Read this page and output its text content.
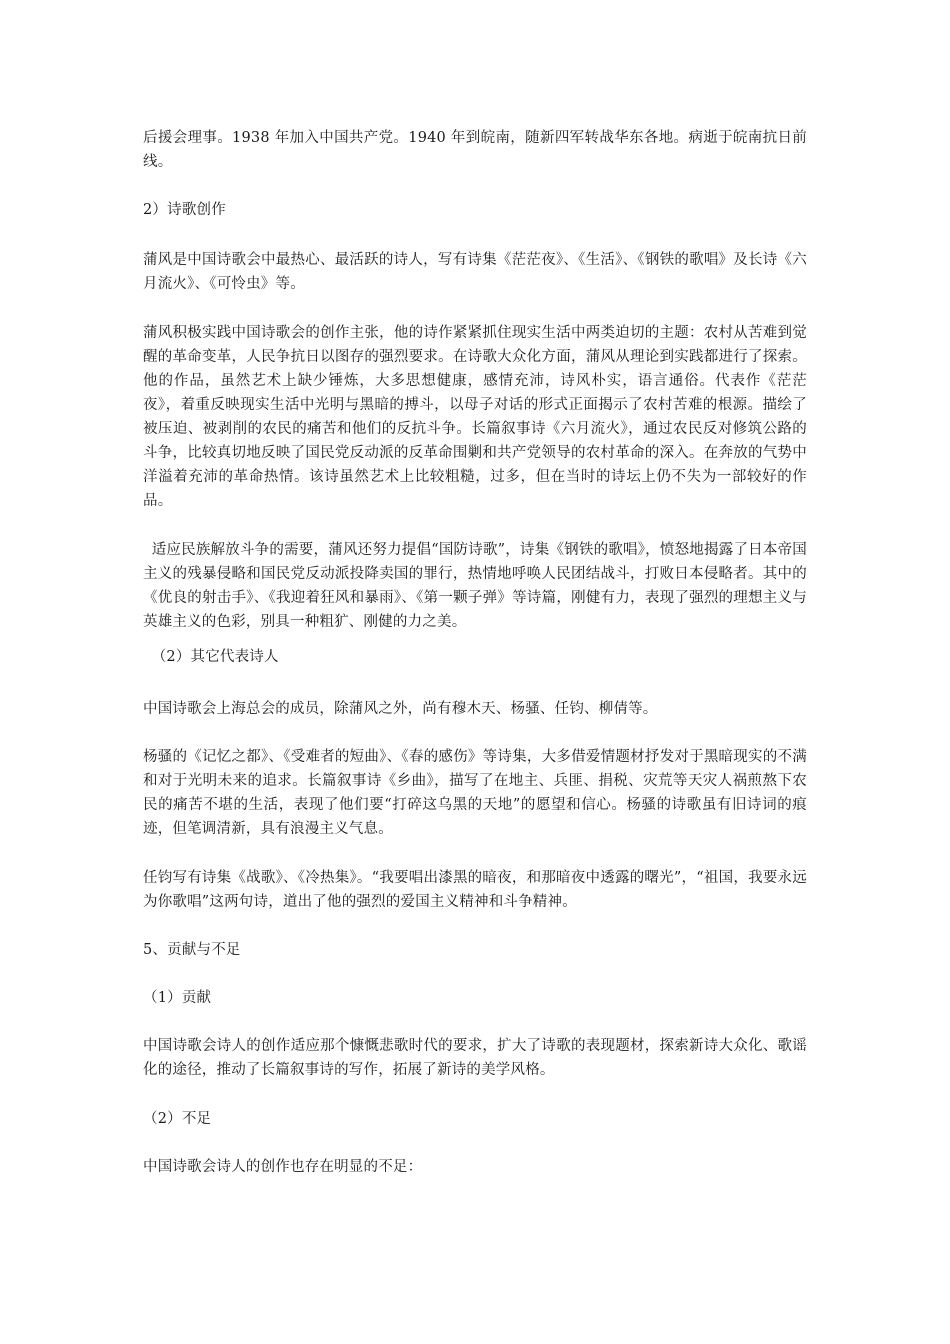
后援会理事。1938 年加入中国共产党。1940 年到皖南，随新四军转战华东各地。病逝于皖南抗日前线。

2）诗歌创作

蒲风是中国诗歌会中最热心、最活跃的诗人，写有诗集《茫茫夜》、《生活》、《钢铁的歌唱》及长诗《六月流火》、《可怜虫》等。

蒲风积极实践中国诗歌会的创作主张，他的诗作紧紧抓住现实生活中两类迫切的主题：农村从苦难到觉醒的革命变革，人民争抗日以图存的强烈要求。在诗歌大众化方面，蒲风从理论到实践都进行了探索。他的作品，虽然艺术上缺少锤炼，大多思想健康，感情充沛，诗风朴实，语言通俗。代表作《茫茫夜》，着重反映现实生活中光明与黑暗的搏斗，以母子对话的形式正面揭示了农村苦难的根源。描绘了被压迫、被剥削的农民的痛苦和他们的反抗斗争。长篇叙事诗《六月流火》，通过农民反对修筑公路的斗争，比较真切地反映了国民党反动派的反革命围剿和共产党领导的农村革命的深入。在奔放的气势中洋溢着充沛的革命热情。该诗虽然艺术上比较粗糙，过多，但在当时的诗坛上仍不失为一部较好的作品。

适应民族解放斗争的需要，蒲风还努力提倡“国防诗歌”，诗集《钢铁的歌唱》，愤怒地揭露了日本帝国主义的残暴侵略和国民党反动派投降卖国的罪行，热情地呼唤人民团结战斗，打败日本侵略者。其中的《优良的射击手》、《我迎着狂风和暴雨》、《第一颗子弹》等诗篇，刚健有力，表现了强烈的理想主义与英雄主义的色彩，别具一种粗犷、刚健的力之美。

（2）其它代表诗人

中国诗歌会上海总会的成员，除蒲风之外，尚有穆木天、杨骚、任钧、柳倩等。

杨骚的《记忆之都》、《受难者的短曲》、《春的感伤》等诗集，大多借爱情题材抒发对于黑暗现实的不满和对于光明未来的追求。长篇叙事诗《乡曲》，描写了在地主、兵匪、捐税、灾荒等天灾人祸煎熬下农民的痛苦不堪的生活，表现了他们要“打碎这乌黑的天地”的愿望和信心。杨骚的诗歌虽有旧诗词的痕迹，但笔调清新，具有浪漫主义气息。

任钧写有诗集《战歌》、《冷热集》。“我要唱出漆黑的暗夜，和那暗夜中透露的曙光”，“祖国，我要永远为你歌唱”这两句诗，道出了他的强烈的爱国主义精神和斗争精神。

5、贡献与不足

（1）贡献

中国诗歌会诗人的创作适应那个慷慨悲歌时代的要求，扩大了诗歌的表现题材，探索新诗大众化、歌谣化的途径，推动了长篇叙事诗的写作，拓展了新诗的美学风格。

（2）不足

中国诗歌会诗人的创作也存在明显的不足：
